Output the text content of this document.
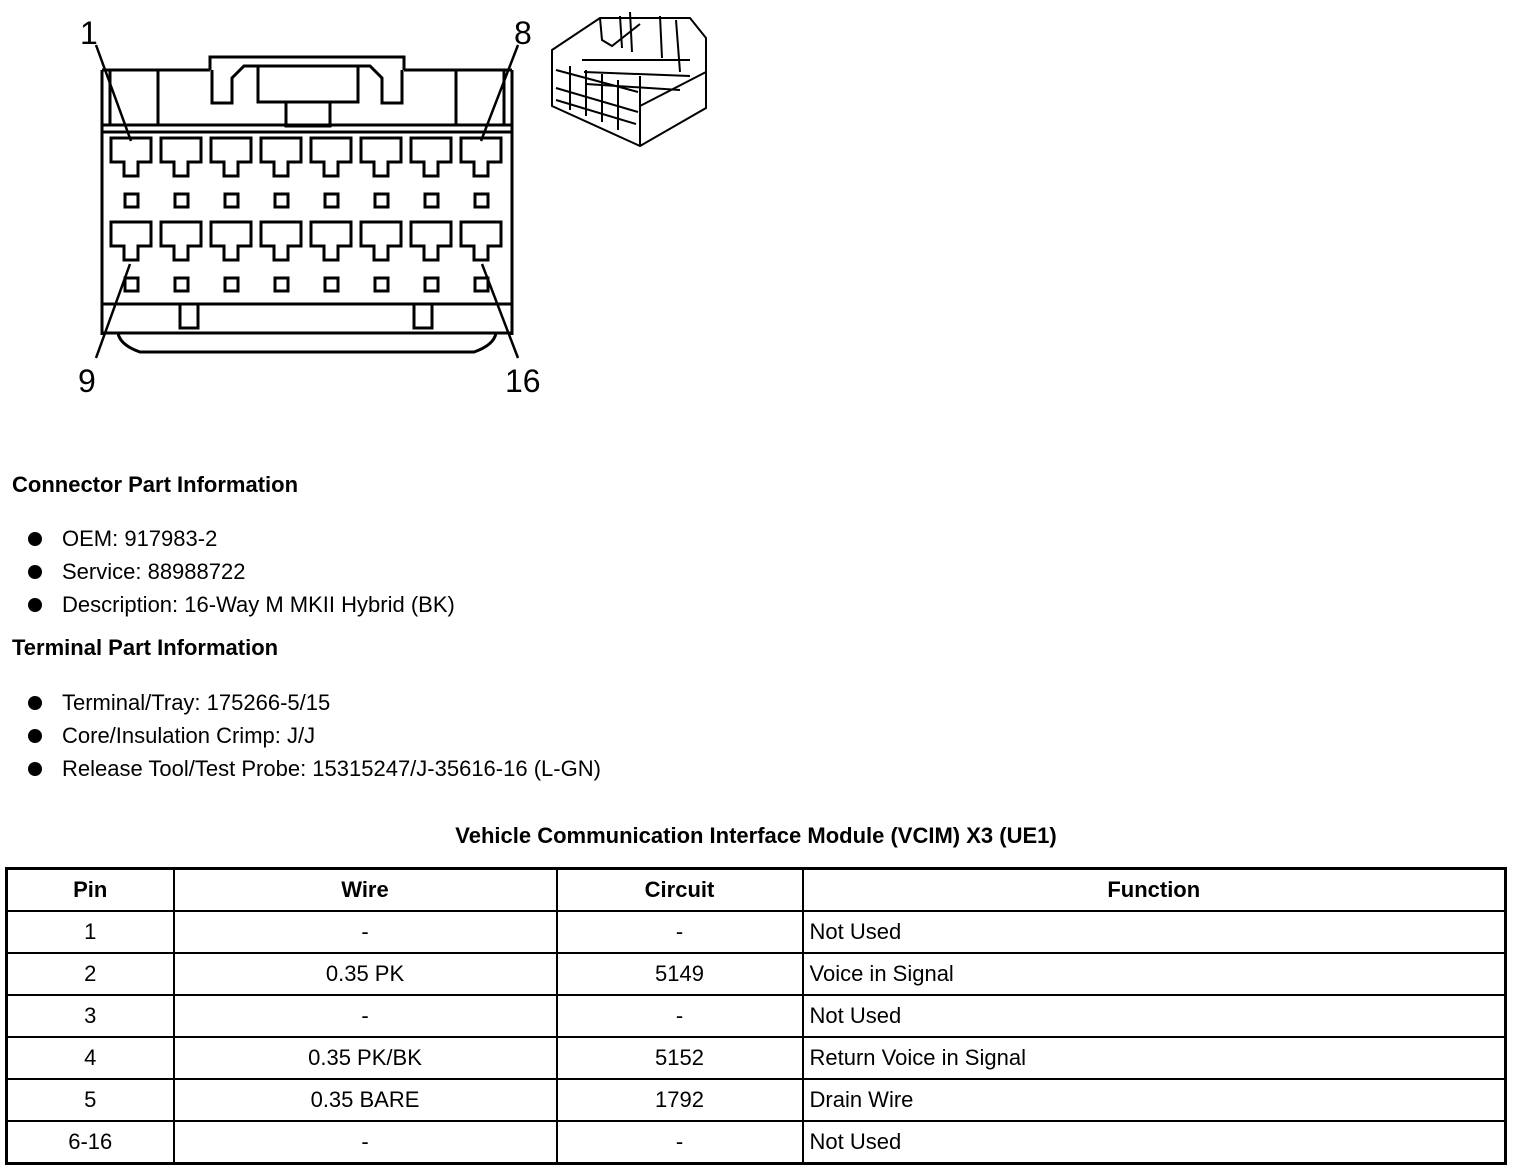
1	8
9	16
Connector Part Information
OEM: 917983-2
Service: 88988722
Description: 16-Way M MKII Hybrid (BK)
Terminal Part Information
Terminal/Tray: 175266-5/15
Core/Insulation Crimp: J/J
Release Tool/Test Probe: 15315247/J-35616-16 (L-GN)
Vehicle Communication Interface Module (VCIM) X3 (UE1)
Pin	Wire	Circuit	Function
1	-	-	Not Used
2	0.35 PK	5149	Voice in Signal
3	-	-	Not Used
4	0.35 PK/BK	5152	Return Voice in Signal
5	0.35 BARE	1792	Drain Wire
6-16	-	-	Not Used
